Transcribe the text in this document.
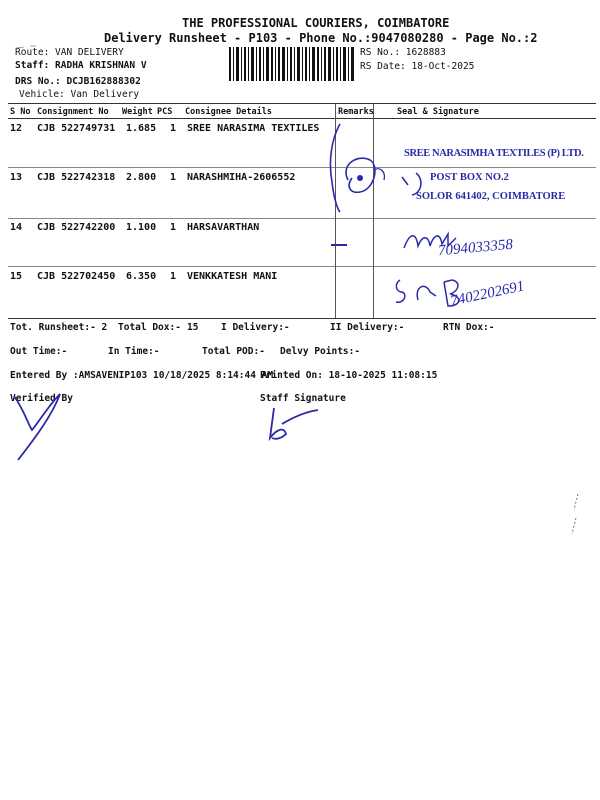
THE PROFESSIONAL COURIERS, COIMBATORE
Delivery Runsheet - P103 - Phone No.:9047080280 - Page No.:2
Route: VAN DELIVERY
Staff: RADHA KRISHNAN V
DRS No.: DCJB162888302
Vehicle: Van Delivery
RS No.: 1628883
RS Date: 18-Oct-2025
S No Consignment No Weight PCS Consignee Details	Remarks	Seal & Signature
12 CJB 522749731 1.685 1 SREE NARASIMA TEXTILES
13 CJB 522742318 2.800 1 NARASHMIHA-2606552
14 CJB 522742200 1.100 1 HARSAVARTHAN
15 CJB 522702450 6.350 1 VENKKATESH MANI
SREE NARASIMHA TEXTILES (P) LTD.
POST BOX NO.2
SOLOR 641402, COIMBATORE
7094033358
7402202691
Tot. Runsheet:- 2 Total Dox:- 15 I Delivery:-	II Delivery:-	RTN Dox:-
Out Time:-	In Time:-	Total POD:- Delvy Points:-
Entered By :AMSAVENIP103 10/18/2025 8:14:44 AM
Printed On: 18-10-2025 11:08:15
Verified By	Staff Signature
